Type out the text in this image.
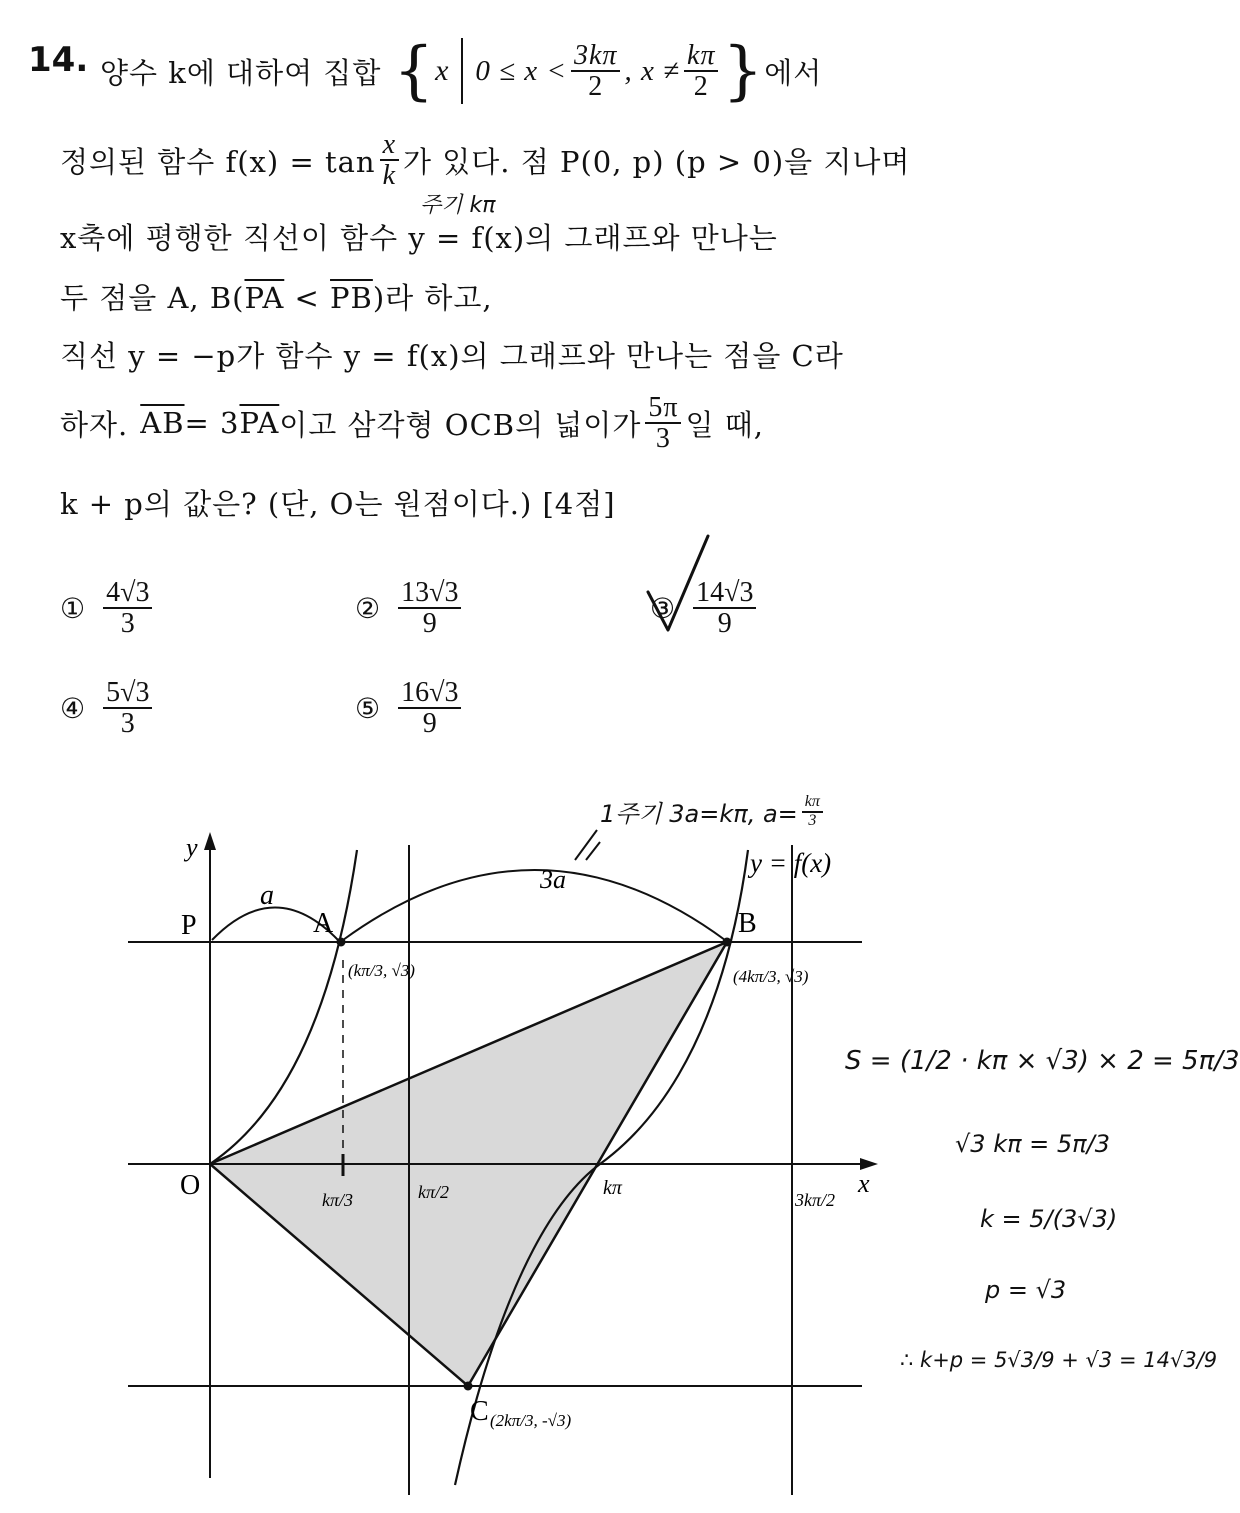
14. 양수 k에 대하여 집합 { x $0 \le x < \frac{3k\pi}{2}$ , $x \ne \frac{k\pi}{2}$ } 에서
정의된 함수 $f(x) = \tan \frac{x}{k}$ 가 있다. 점 P(0, p) (p > 0)을 지나며
주기 kπ
x축에 평행한 직선이 함수 y = f(x)의 그래프와 만나는
두 점을 A, $B(\overline{PA} < \overline{PB})$라 하고,
직선 y = −p가 함수 y = f(x)의 그래프와 만나는 점을 C라
하자. $\overline{AB} = 3$ $\overline{PA}$ 이고 삼각형 OCB의 넓이가 $\frac{5\pi}{3}$ 일 때,
k + p의 값은? (단, O는 원점이다.) [4점]
① $\frac{4√3}{3}$	② $\frac{13√3}{9}$	③ $\frac{14√3}{9}$
④ $\frac{5√3}{3}$	⑤ $\frac{16√3}{9}$
y
x
O
P	A	B
C
y = f(x)
a
3a
(kπ/3, √3)	(4kπ/3, √3)
(2kπ/3, -√3)
kπ/3	kπ/2	kπ
3kπ/2
1주기 3a=kπ, $a= \frac{k\pi}{3}$
S = (1/2 · kπ × √3) × 2 = 5π/3
√3 kπ = 5π/3
k = 5/(3√3)
p = √3
∴ k+p = 5√3/9 + √3 = 14√3/9
